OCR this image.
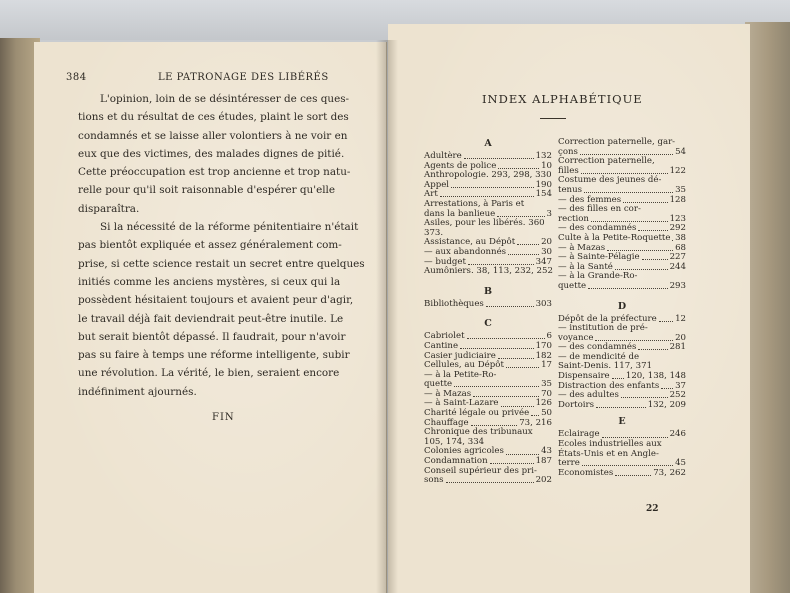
384	LE PATRONAGE DES LIBÉRÉS
L'opinion, loin de se désintéresser de ces ques-
tions et du résultat de ces études, plaint le sort des
condamnés et se laisse aller volontiers à ne voir en
eux que des victimes, des malades dignes de pitié.
Cette préoccupation est trop ancienne et trop natu-
relle pour qu'il soit raisonnable d'espérer qu'elle
disparaîtra.
Si la nécessité de la réforme pénitentiaire n'était
pas bientôt expliquée et assez généralement com-
prise, si cette science restait un secret entre quelques
initiés comme les anciens mystères, si ceux qui la
possèdent hésitaient toujours et avaient peur d'agir,
le travail déjà fait deviendrait peut-être inutile. Le
but serait bientôt dépassé. Il faudrait, pour n'avoir
pas su faire à temps une réforme intelligente, subir
une révolution. La vérité, le bien, seraient encore
indéfiniment ajournés.
FIN
INDEX ALPHABÉTIQUE
A
Adultère	132
Agents de police	10
Anthropologie. 293, 298, 330
Appel	190
Art	154
Arrestations, à Paris et
dans la banlieue	3
Asiles, pour les libérés. 360
373.
Assistance, au Dépôt	20
— aux abandonnés	30
— budget	347
Aumôniers. 38, 113, 232, 252
B
Bibliothèques	303
C
Cabriolet	6
Cantine	170
Casier judiciaire	182
Cellules, au Dépôt	17
— à la Petite-Ro-
quette	35
— à Mazas	70
— à Saint-Lazare	126
Charité légale ou privée 50
Chauffage	73, 216
Chronique des tribunaux
105, 174, 334
Colonies agricoles	43
Condamnation	187
Conseil supérieur des pri-
sons	202
Correction paternelle, gar-
çons	54
Correction paternelle,
filles	122
Costume des jeunes dé-
tenus	35
— des femmes	128
— des filles en cor-
rection	123
— des condamnés	292
Culte à la Petite-Roquette 38
— à Mazas	68
— à Sainte-Pélagie	227
— à la Santé	244
— à la Grande-Ro-
quette	293
D
Dépôt de la préfecture 12
— institution de pré-
voyance	20
— des condamnés	281
— de mendicité de
Saint-Denis. 117, 371
Dispensaire 120, 138, 148
Distraction des enfants 37
— des adultes	252
Dortoirs	132, 209
E
Eclairage	246
Ecoles industrielles aux
États-Unis et en Angle-
terre	45
Economistes	73, 262
22
